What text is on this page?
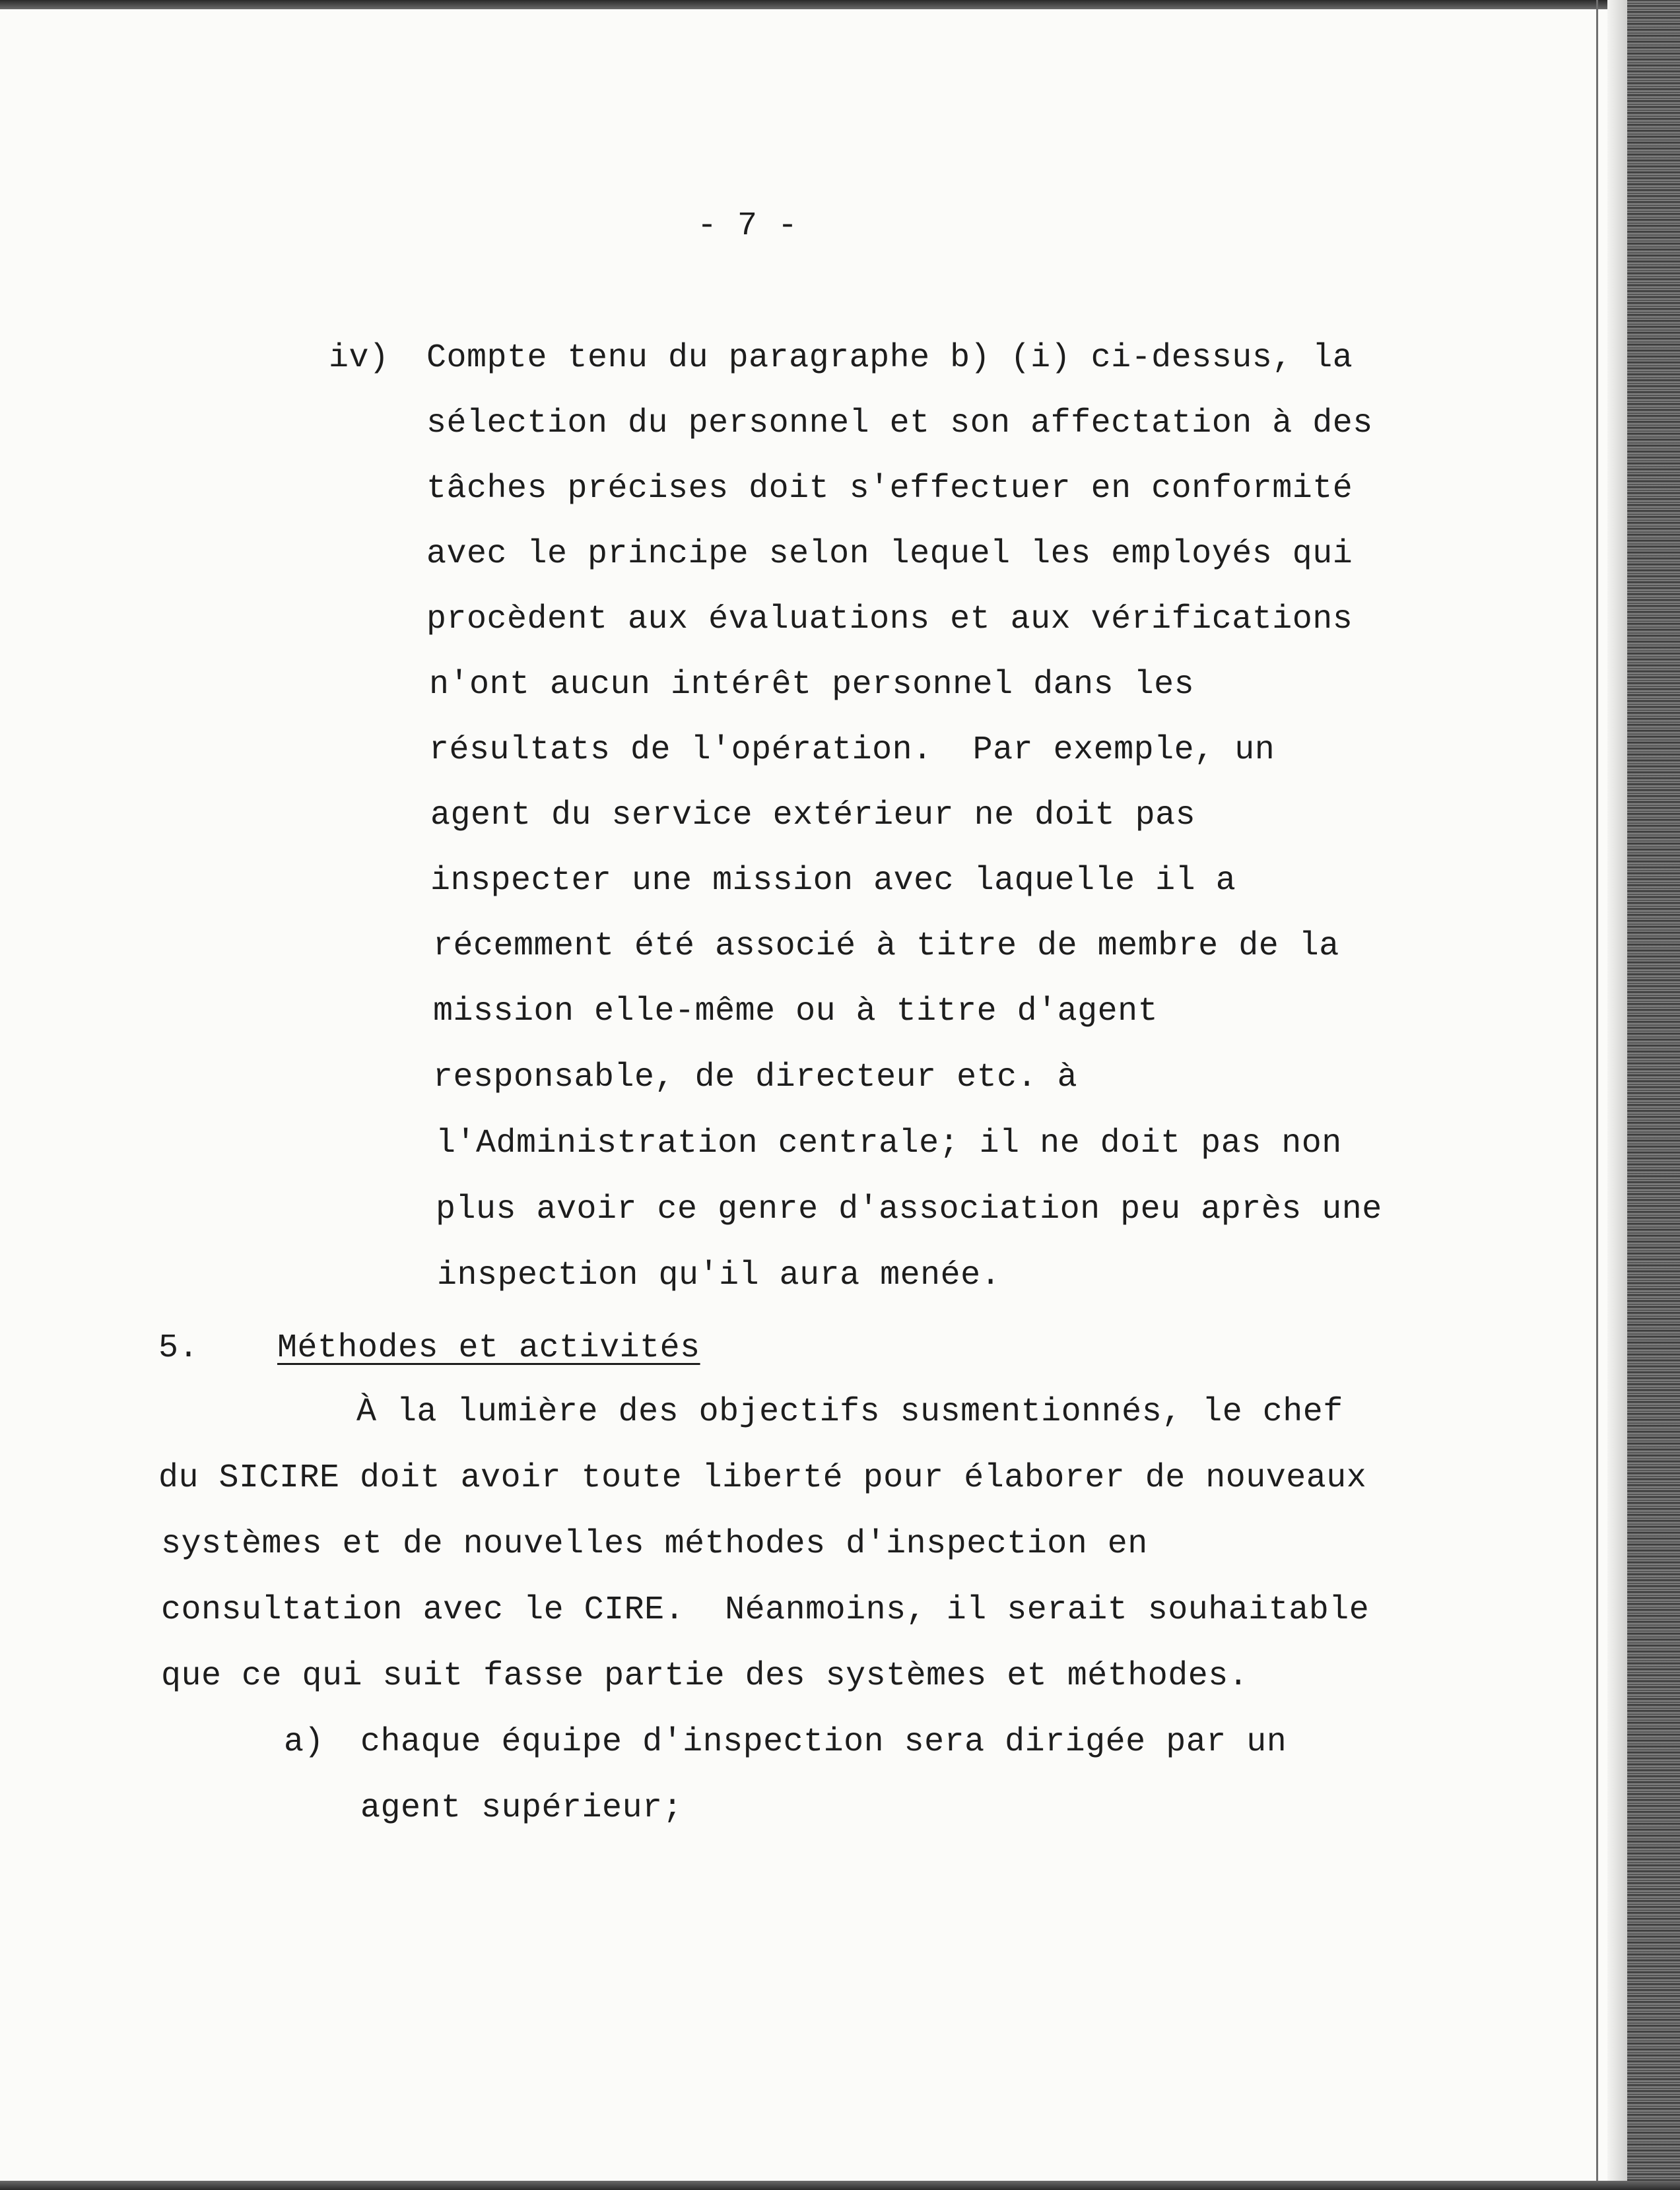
- 7 -
iv) Compte tenu du paragraphe b) (i) ci-dessus, la
sélection du personnel et son affectation à des
tâches précises doit s'effectuer en conformité
avec le principe selon lequel les employés qui
procèdent aux évaluations et aux vérifications
n'ont aucun intérêt personnel dans les
résultats de l'opération.  Par exemple, un
agent du service extérieur ne doit pas
inspecter une mission avec laquelle il a
récemment été associé à titre de membre de la
mission elle-même ou à titre d'agent
responsable, de directeur etc. à
l'Administration centrale; il ne doit pas non
plus avoir ce genre d'association peu après une
inspection qu'il aura menée.
5. Méthodes et activités
À la lumière des objectifs susmentionnés, le chef
du SICIRE doit avoir toute liberté pour élaborer de nouveaux
systèmes et de nouvelles méthodes d'inspection en
consultation avec le CIRE.  Néanmoins, il serait souhaitable
que ce qui suit fasse partie des systèmes et méthodes.
a) chaque équipe d'inspection sera dirigée par un
agent supérieur;
